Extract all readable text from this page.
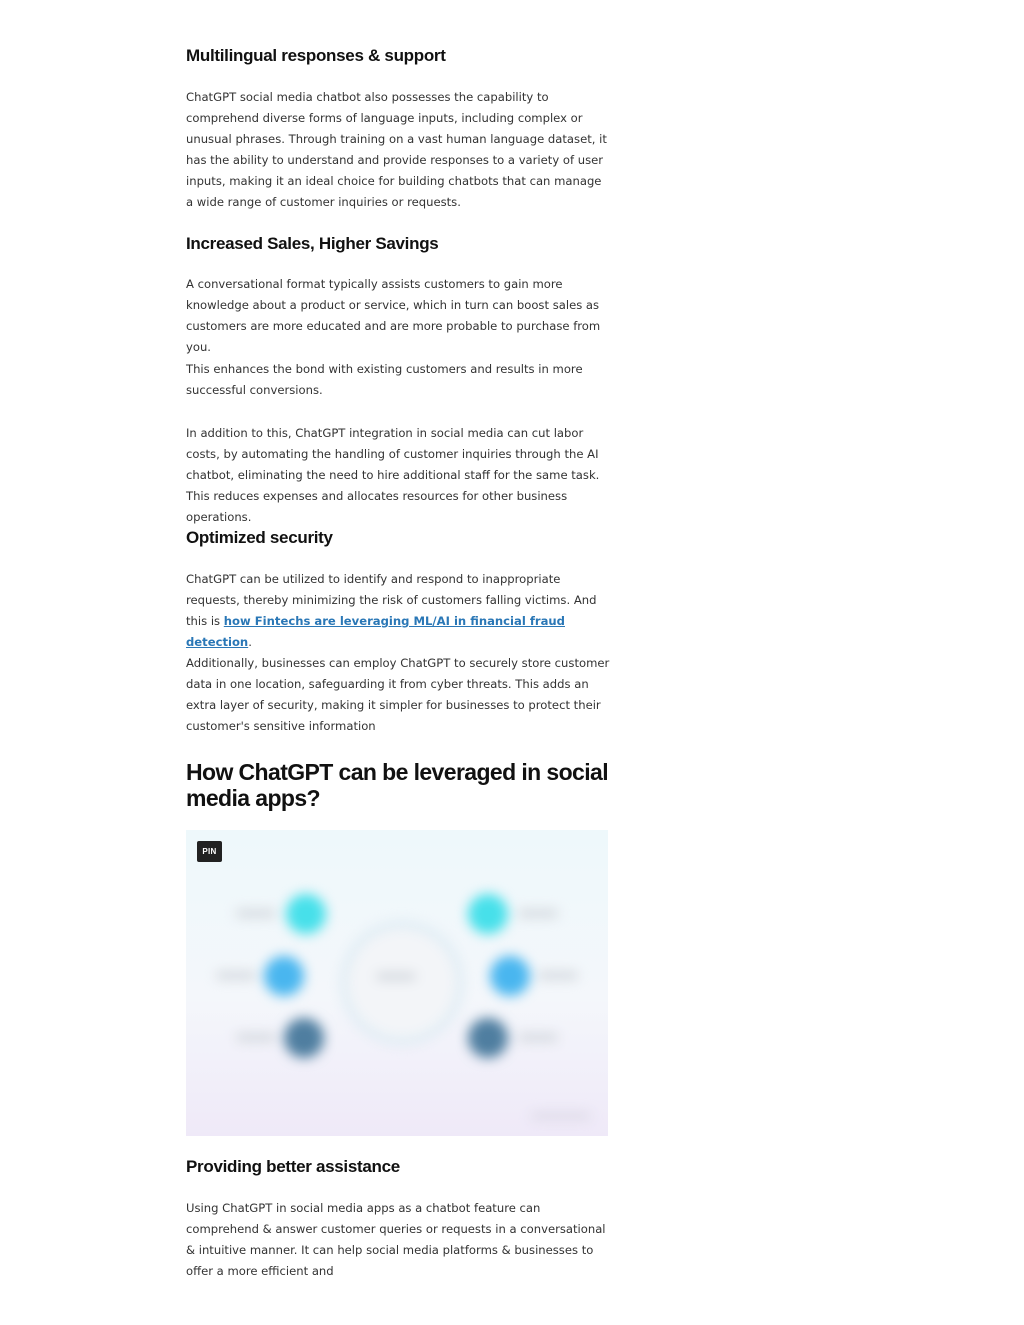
Multilingual responses & support

ChatGPT social media chatbot also possesses the capability to comprehend diverse forms of language inputs, including complex or unusual phrases. Through training on a vast human language dataset, it has the ability to understand and provide responses to a variety of user inputs, making it an ideal choice for building chatbots that can manage a wide range of customer inquiries or requests.

Increased Sales, Higher Savings

A conversational format typically assists customers to gain more knowledge about a product or service, which in turn can boost sales as customers are more educated and are more probable to purchase from you.

This enhances the bond with existing customers and results in more successful conversions.

In addition to this, ChatGPT integration in social media can cut labor costs, by automating the handling of customer inquiries through the AI chatbot, eliminating the need to hire additional staff for the same task. This reduces expenses and allocates resources for other business operations.

Optimized security

ChatGPT can be utilized to identify and respond to inappropriate requests, thereby minimizing the risk of customers falling victims. And this is how Fintechs are leveraging ML/AI in financial fraud detection.

Additionally, businesses can employ ChatGPT to securely store customer data in one location, safeguarding it from cyber threats. This adds an extra layer of security, making it simpler for businesses to protect their customer's sensitive information

How ChatGPT can be leveraged in social media apps?
PIN
Providing better assistance

Using ChatGPT in social media apps as a chatbot feature can comprehend & answer customer queries or requests in a conversational & intuitive manner. It can help social media platforms & businesses to offer a more efficient and
